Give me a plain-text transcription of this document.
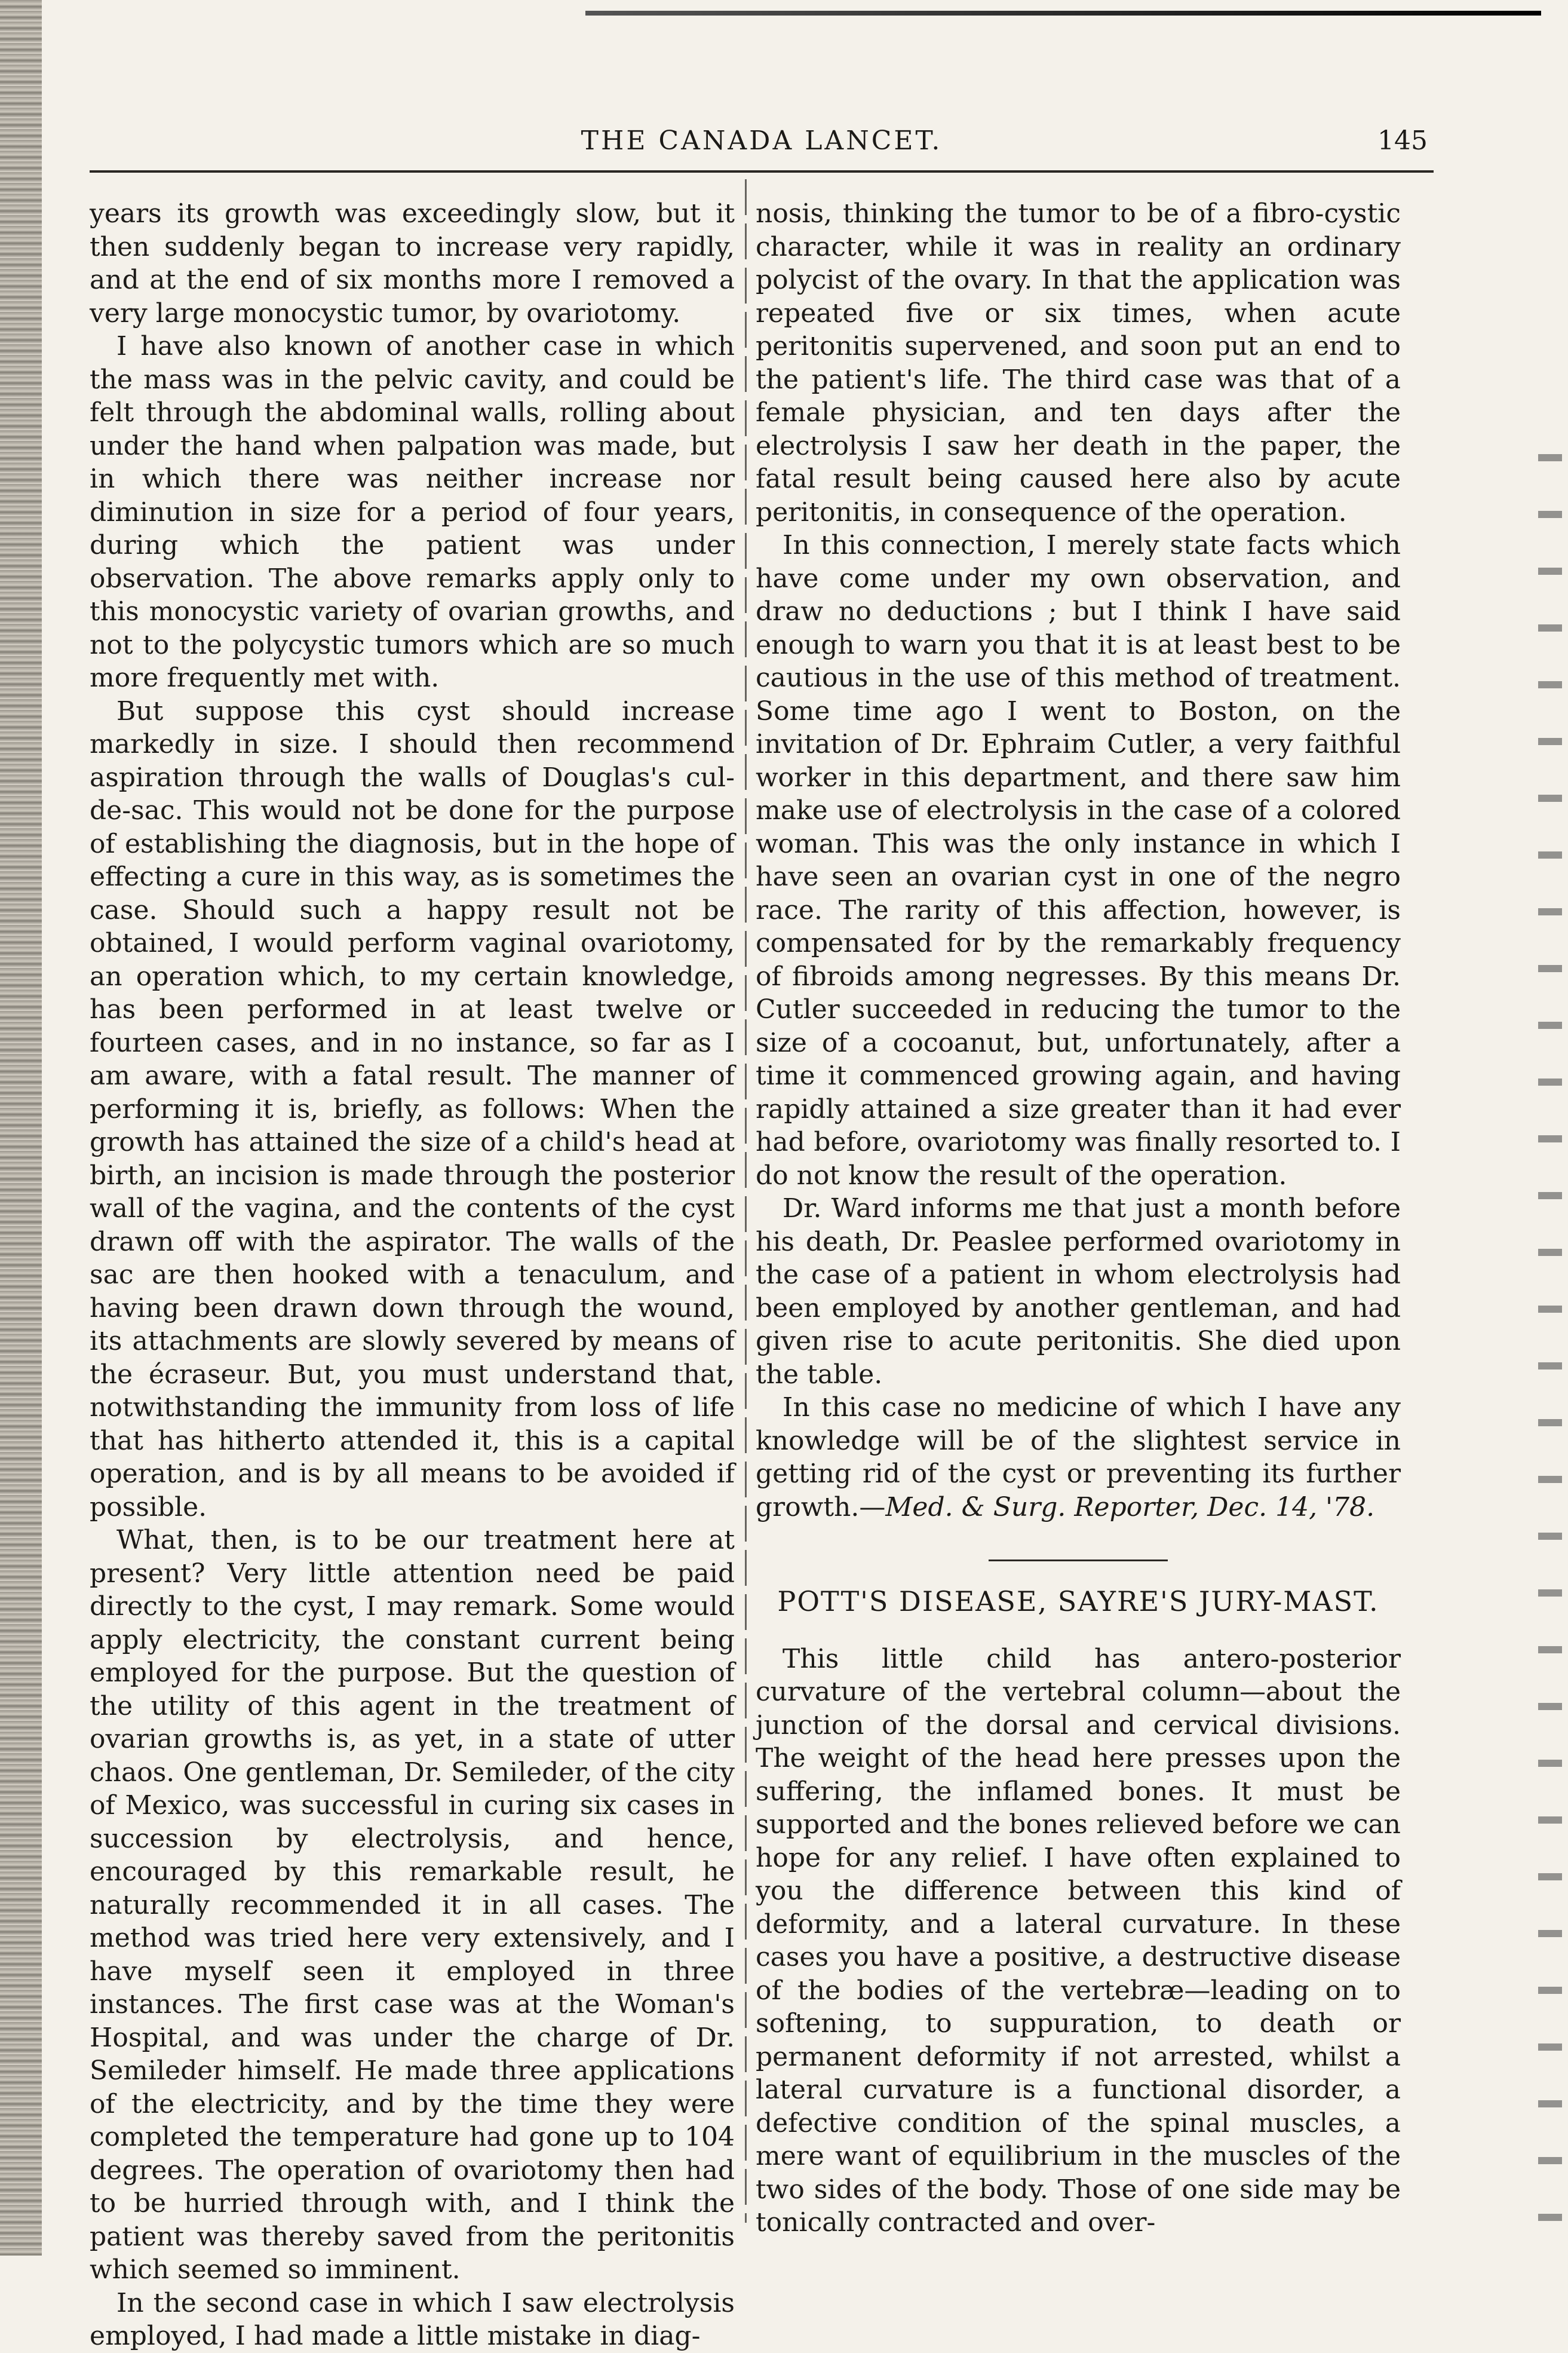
THE CANADA LANCET.	145

years its growth was exceedingly slow, but it then suddenly began to increase very rapidly, and at the end of six months more I removed a very large monocystic tumor, by ovariotomy.

I have also known of another case in which the mass was in the pelvic cavity, and could be felt through the abdominal walls, rolling about under the hand when palpation was made, but in which there was neither increase nor diminution in size for a period of four years, during which the patient was under observation. The above remarks apply only to this monocystic variety of ovarian growths, and not to the polycystic tumors which are so much more frequently met with.

But suppose this cyst should increase markedly in size. I should then recommend aspiration through the walls of Douglas's cul-de-sac. This would not be done for the purpose of establishing the diagnosis, but in the hope of effecting a cure in this way, as is sometimes the case. Should such a happy result not be obtained, I would perform vaginal ovariotomy, an operation which, to my certain knowledge, has been performed in at least twelve or fourteen cases, and in no instance, so far as I am aware, with a fatal result. The manner of performing it is, briefly, as follows: When the growth has attained the size of a child's head at birth, an incision is made through the posterior wall of the vagina, and the contents of the cyst drawn off with the aspirator. The walls of the sac are then hooked with a tenaculum, and having been drawn down through the wound, its attachments are slowly severed by means of the écraseur. But, you must understand that, notwithstanding the immunity from loss of life that has hitherto attended it, this is a capital operation, and is by all means to be avoided if possible.

What, then, is to be our treatment here at present? Very little attention need be paid directly to the cyst, I may remark. Some would apply electricity, the constant current being employed for the purpose. But the question of the utility of this agent in the treatment of ovarian growths is, as yet, in a state of utter chaos. One gentleman, Dr. Semileder, of the city of Mexico, was successful in curing six cases in succession by electrolysis, and hence, encouraged by this remarkable result, he naturally recommended it in all cases. The method was tried here very extensively, and I have myself seen it employed in three instances. The first case was at the Woman's Hospital, and was under the charge of Dr. Semileder himself. He made three applications of the electricity, and by the time they were completed the temperature had gone up to 104 degrees. The operation of ovariotomy then had to be hurried through with, and I think the patient was thereby saved from the peritonitis which seemed so imminent.

In the second case in which I saw electrolysis employed, I had made a little mistake in diag-

nosis, thinking the tumor to be of a fibro-cystic character, while it was in reality an ordinary polycist of the ovary. In that the application was repeated five or six times, when acute peritonitis supervened, and soon put an end to the patient's life. The third case was that of a female physician, and ten days after the electrolysis I saw her death in the paper, the fatal result being caused here also by acute peritonitis, in consequence of the operation.

In this connection, I merely state facts which have come under my own observation, and draw no deductions ; but I think I have said enough to warn you that it is at least best to be cautious in the use of this method of treatment. Some time ago I went to Boston, on the invitation of Dr. Ephraim Cutler, a very faithful worker in this department, and there saw him make use of electrolysis in the case of a colored woman. This was the only instance in which I have seen an ovarian cyst in one of the negro race. The rarity of this affection, however, is compensated for by the remarkably frequency of fibroids among negresses. By this means Dr. Cutler succeeded in reducing the tumor to the size of a cocoanut, but, unfortunately, after a time it commenced growing again, and having rapidly attained a size greater than it had ever had before, ovariotomy was finally resorted to. I do not know the result of the operation.

Dr. Ward informs me that just a month before his death, Dr. Peaslee performed ovariotomy in the case of a patient in whom electrolysis had been employed by another gentleman, and had given rise to acute peritonitis. She died upon the table.

In this case no medicine of which I have any knowledge will be of the slightest service in getting rid of the cyst or preventing its further growth.—Med. & Surg. Reporter, Dec. 14, '78.

POTT'S DISEASE, SAYRE'S JURY-MAST.

This little child has antero-posterior curvature of the vertebral column—about the junction of the dorsal and cervical divisions. The weight of the head here presses upon the suffering, the inflamed bones. It must be supported and the bones relieved before we can hope for any relief. I have often explained to you the difference between this kind of deformity, and a lateral curvature. In these cases you have a positive, a destructive disease of the bodies of the vertebræ—leading on to softening, to suppuration, to death or permanent deformity if not arrested, whilst a lateral curvature is a functional disorder, a defective condition of the spinal muscles, a mere want of equilibrium in the muscles of the two sides of the body. Those of one side may be tonically contracted and over-
